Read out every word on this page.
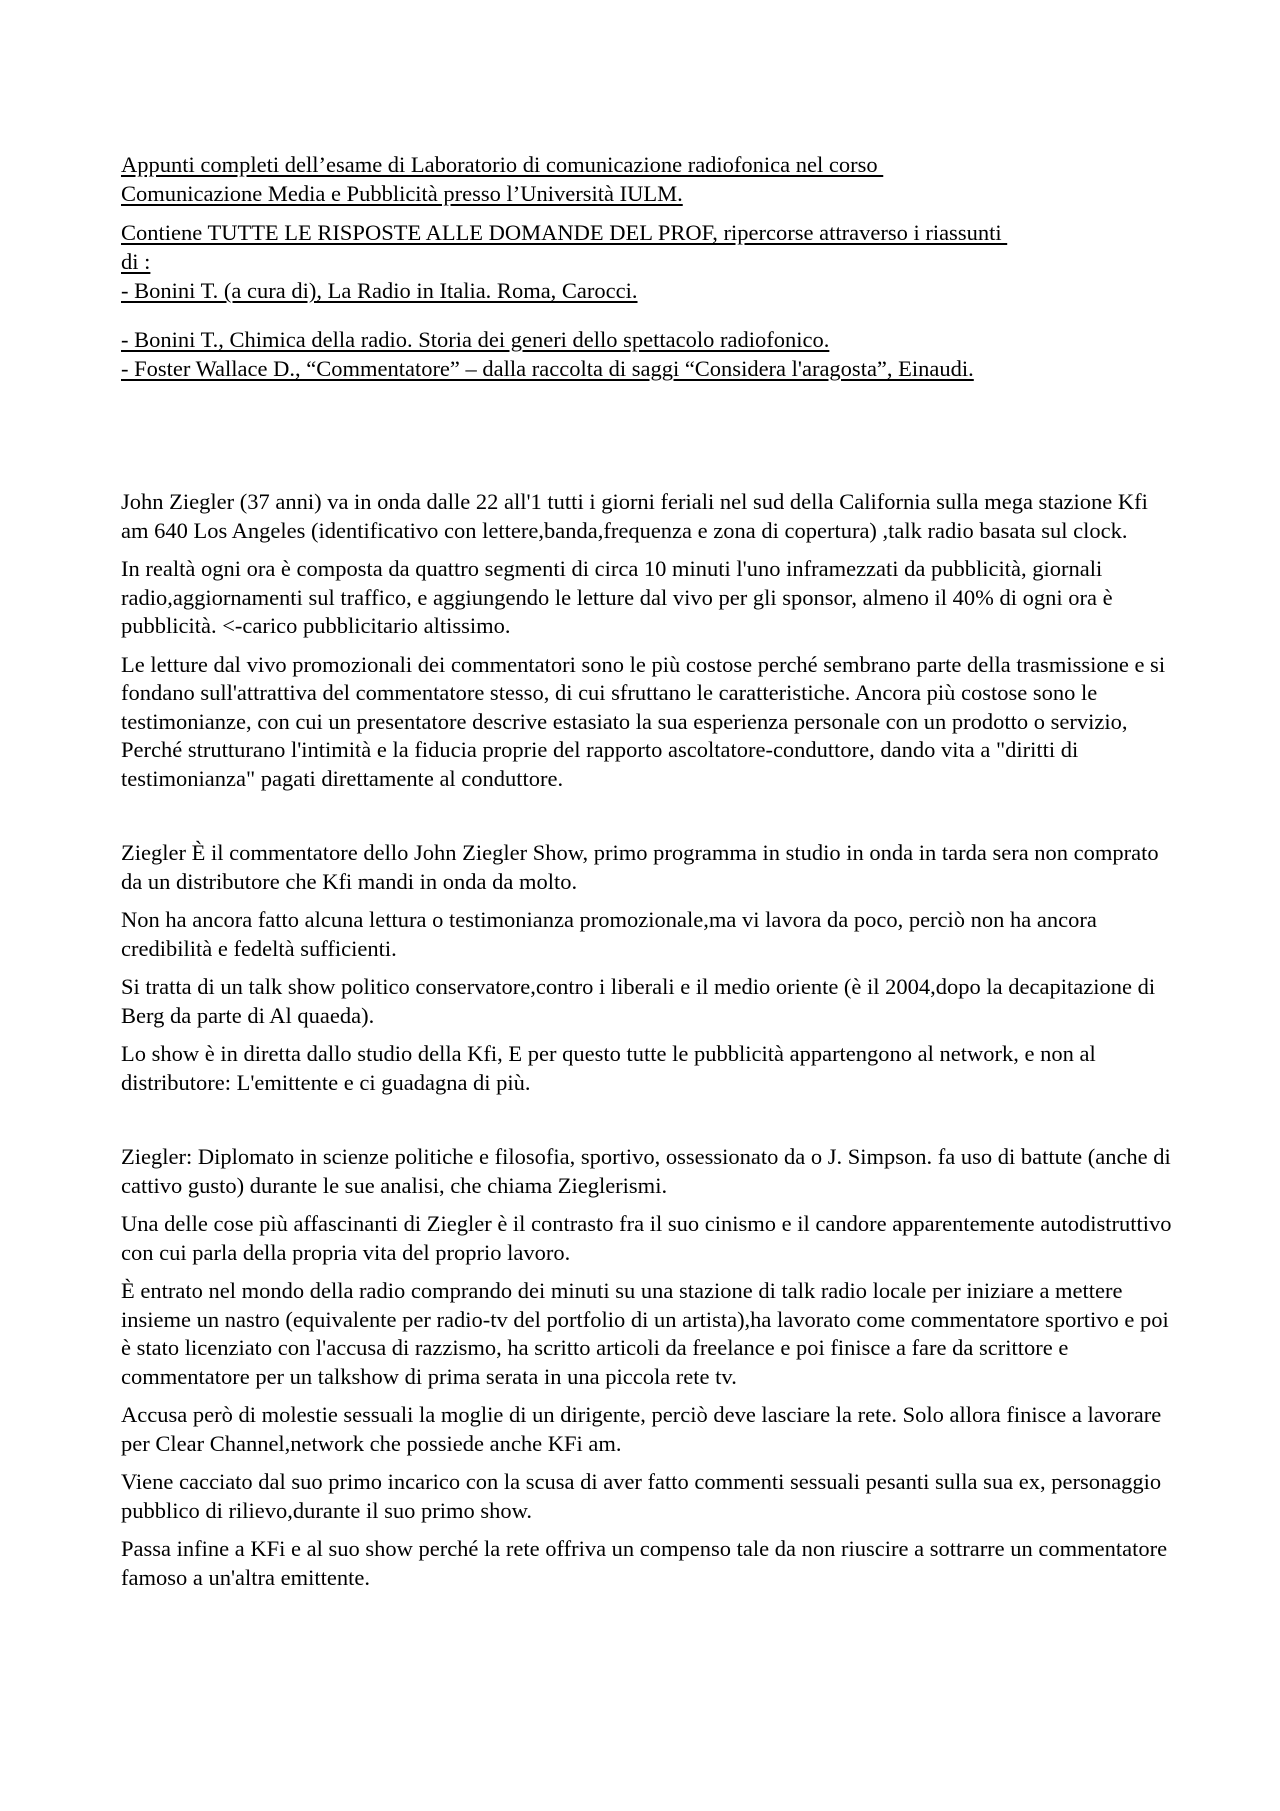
Appunti completi dell’esame di Laboratorio di comunicazione radiofonica nel corso

Comunicazione Media e Pubblicità presso l’Università IULM.

Contiene TUTTE LE RISPOSTE ALLE DOMANDE DEL PROF, ripercorse attraverso i riassunti

di :

- Bonini T. (a cura di), La Radio in Italia. Roma, Carocci.

- Bonini T., Chimica della radio. Storia dei generi dello spettacolo radiofonico.

- Foster Wallace D., “Commentatore” – dalla raccolta di saggi “Considera l'aragosta”, Einaudi.

John Ziegler (37 anni) va in onda dalle 22 all'1 tutti i giorni feriali nel sud della California sulla mega stazione Kfi am 640 Los Angeles (identificativo con lettere,banda,frequenza e zona di copertura) ,talk radio basata sul clock.

In realtà ogni ora è composta da quattro segmenti di circa 10 minuti l'uno inframezzati da pubblicità, giornali radio,aggiornamenti sul traffico, e aggiungendo le letture dal vivo per gli sponsor, almeno il 40% di ogni ora è pubblicità. <-carico pubblicitario altissimo.

Le letture dal vivo promozionali dei commentatori sono le più costose perché sembrano parte della trasmissione e si fondano sull'attrattiva del commentatore stesso, di cui sfruttano le caratteristiche. Ancora più costose sono le testimonianze, con cui un presentatore descrive estasiato la sua esperienza personale con un prodotto o servizio, Perché strutturano l'intimità e la fiducia proprie del rapporto ascoltatore-conduttore, dando vita a "diritti di testimonianza" pagati direttamente al conduttore.

Ziegler È il commentatore dello John Ziegler Show, primo programma in studio in onda in tarda sera non comprato da un distributore che Kfi mandi in onda da molto.

Non ha ancora fatto alcuna lettura o testimonianza promozionale,ma vi lavora da poco, perciò non ha ancora credibilità e fedeltà sufficienti.

Si tratta di un talk show politico conservatore,contro i liberali e il medio oriente (è il 2004,dopo la decapitazione di Berg da parte di Al quaeda).

Lo show è in diretta dallo studio della Kfi, E per questo tutte le pubblicità appartengono al network, e non al distributore: L'emittente e ci guadagna di più.

Ziegler: Diplomato in scienze politiche e filosofia, sportivo, ossessionato da o J. Simpson. fa uso di battute (anche di cattivo gusto) durante le sue analisi, che chiama Zieglerismi.

Una delle cose più affascinanti di Ziegler è il contrasto fra il suo cinismo e il candore apparentemente autodistruttivo con cui parla della propria vita del proprio lavoro.

È entrato nel mondo della radio comprando dei minuti su una stazione di talk radio locale per iniziare a mettere insieme un nastro (equivalente per radio-tv del portfolio di un artista),ha lavorato come commentatore sportivo e poi è stato licenziato con l'accusa di razzismo, ha scritto articoli da freelance e poi finisce a fare da scrittore e commentatore per un talkshow di prima serata in una piccola rete tv.

Accusa però di molestie sessuali la moglie di un dirigente, perciò deve lasciare la rete. Solo allora finisce a lavorare per Clear Channel,network che possiede anche KFi am.

Viene cacciato dal suo primo incarico con la scusa di aver fatto commenti sessuali pesanti sulla sua ex, personaggio pubblico di rilievo,durante il suo primo show.

Passa infine a KFi e al suo show perché la rete offriva un compenso tale da non riuscire a sottrarre un commentatore famoso a un'altra emittente.
